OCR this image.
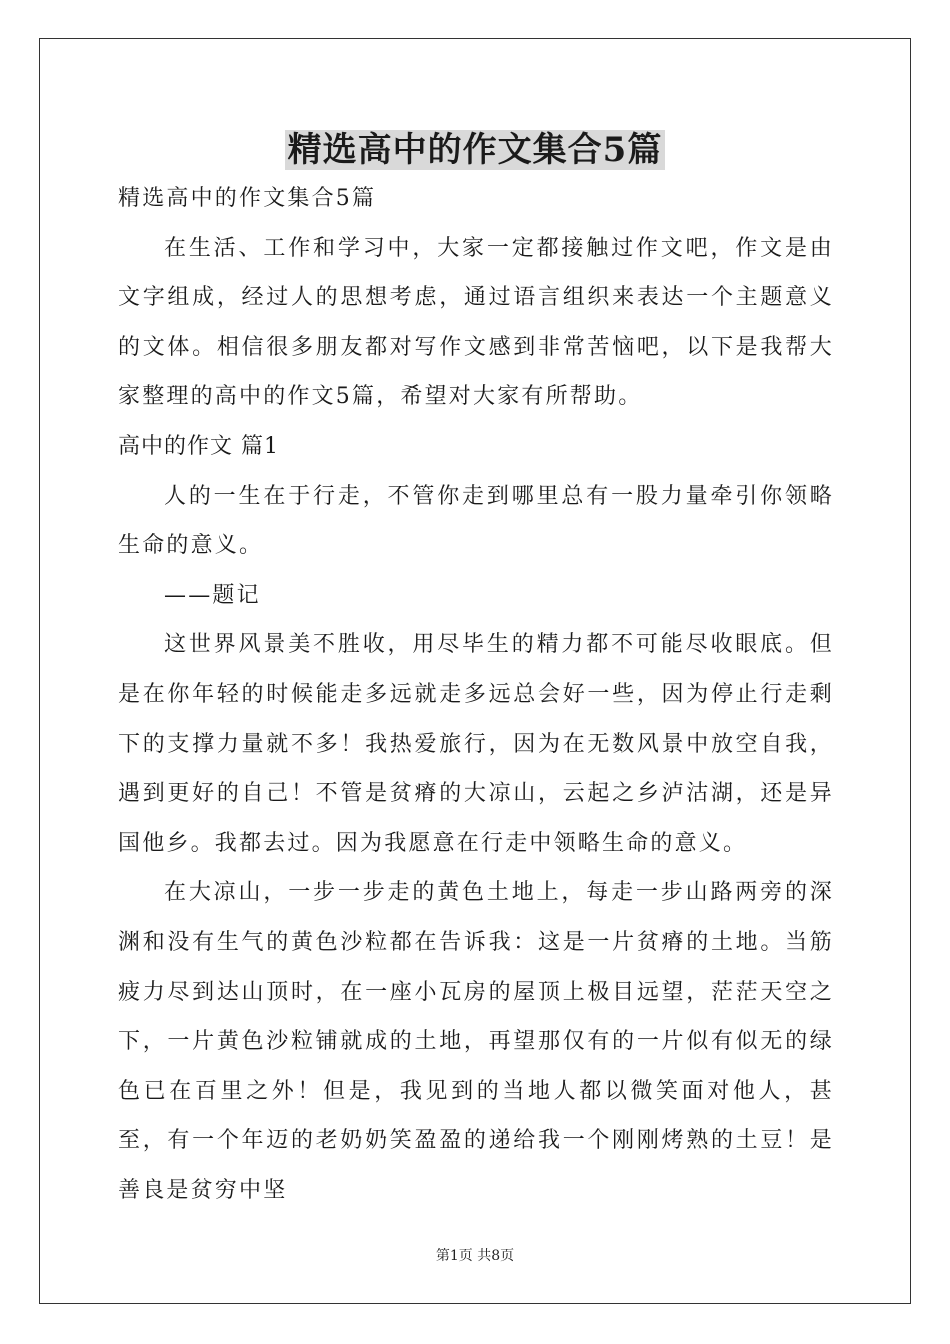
精选高中的作文集合5篇

精选高中的作文集合5篇

在生活、工作和学习中，大家一定都接触过作文吧，作文是由文字组成，经过人的思想考虑，通过语言组织来表达一个主题意义的文体。相信很多朋友都对写作文感到非常苦恼吧，以下是我帮大家整理的高中的作文5篇，希望对大家有所帮助。

高中的作文 篇1

人的一生在于行走，不管你走到哪里总有一股力量牵引你领略生命的意义。

——题记

这世界风景美不胜收，用尽毕生的精力都不可能尽收眼底。但是在你年轻的时候能走多远就走多远总会好一些，因为停止行走剩下的支撑力量就不多！我热爱旅行，因为在无数风景中放空自我，遇到更好的自己！不管是贫瘠的大凉山，云起之乡泸沽湖，还是异国他乡。我都去过。因为我愿意在行走中领略生命的意义。

在大凉山，一步一步走的黄色土地上，每走一步山路两旁的深渊和没有生气的黄色沙粒都在告诉我：这是一片贫瘠的土地。当筋疲力尽到达山顶时，在一座小瓦房的屋顶上极目远望，茫茫天空之下，一片黄色沙粒铺就成的土地，再望那仅有的一片似有似无的绿色已在百里之外！但是，我见到的当地人都以微笑面对他人，甚至，有一个年迈的老奶奶笑盈盈的递给我一个刚刚烤熟的土豆！是善良是贫穷中坚

第1页 共8页
